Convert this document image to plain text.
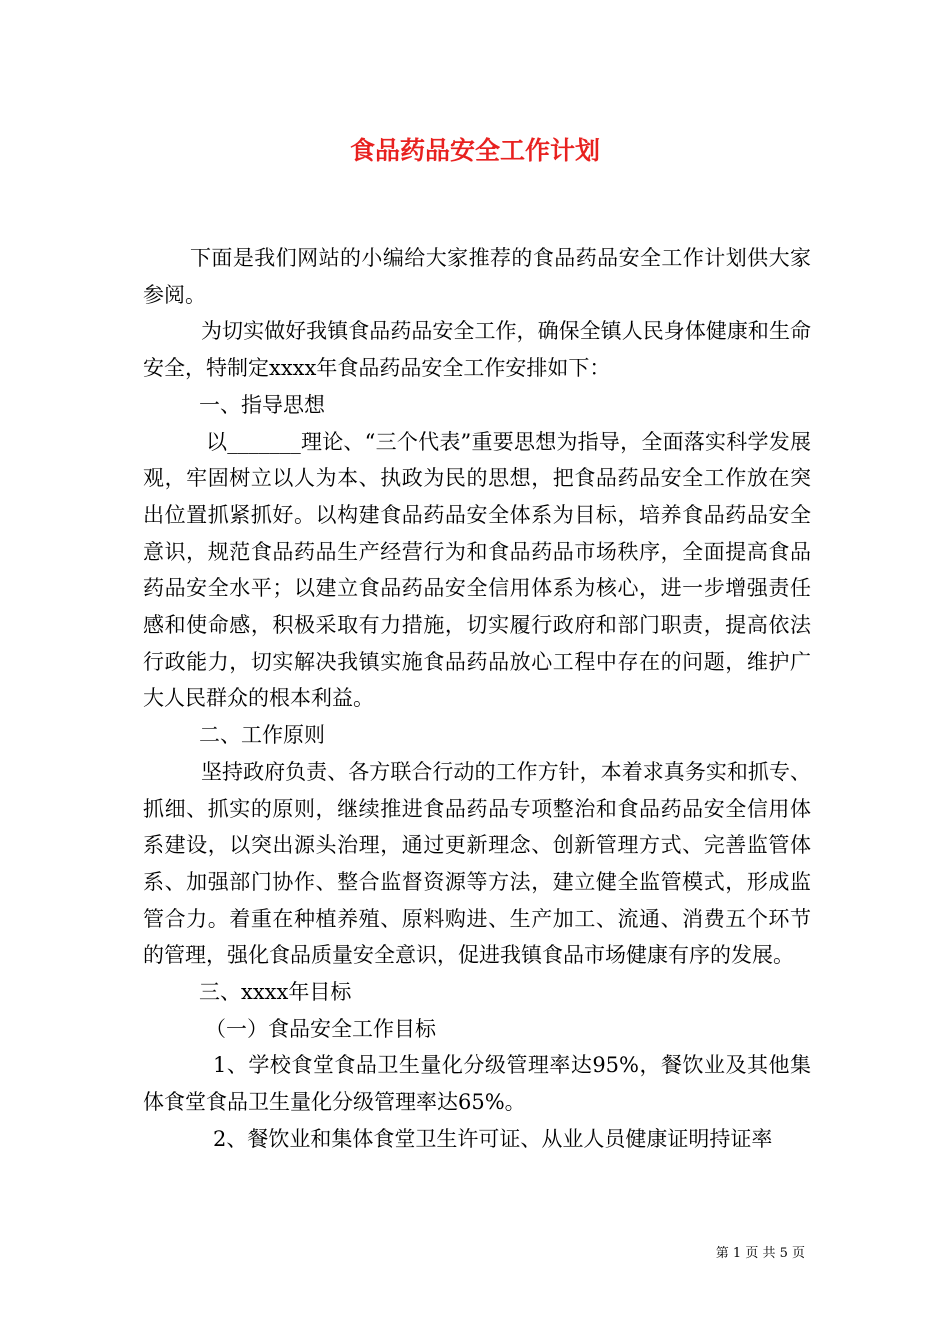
食品药品安全工作计划

下面是我们网站的小编给大家推荐的食品药品安全工作计划供大家参阅。

为切实做好我镇食品药品安全工作，确保全镇人民身体健康和生命安全，特制定xxxx年食品药品安全工作安排如下：

一、指导思想

以_______理论、“三个代表”重要思想为指导，全面落实科学发展观，牢固树立以人为本、执政为民的思想，把食品药品安全工作放在突出位置抓紧抓好。以构建食品药品安全体系为目标，培养食品药品安全意识，规范食品药品生产经营行为和食品药品市场秩序，全面提高食品药品安全水平；以建立食品药品安全信用体系为核心，进一步增强责任感和使命感，积极采取有力措施，切实履行政府和部门职责，提高依法行政能力，切实解决我镇实施食品药品放心工程中存在的问题，维护广大人民群众的根本利益。

二、工作原则

坚持政府负责、各方联合行动的工作方针，本着求真务实和抓专、抓细、抓实的原则，继续推进食品药品专项整治和食品药品安全信用体系建设，以突出源头治理，通过更新理念、创新管理方式、完善监管体系、加强部门协作、整合监督资源等方法，建立健全监管模式，形成监管合力。着重在种植养殖、原料购进、生产加工、流通、消费五个环节的管理，强化食品质量安全意识，促进我镇食品市场健康有序的发展。

三、xxxx年目标

（一）食品安全工作目标

1、学校食堂食品卫生量化分级管理率达95%，餐饮业及其他集体食堂食品卫生量化分级管理率达65%。

2、餐饮业和集体食堂卫生许可证、从业人员健康证明持证率

第 1 页 共 5 页
